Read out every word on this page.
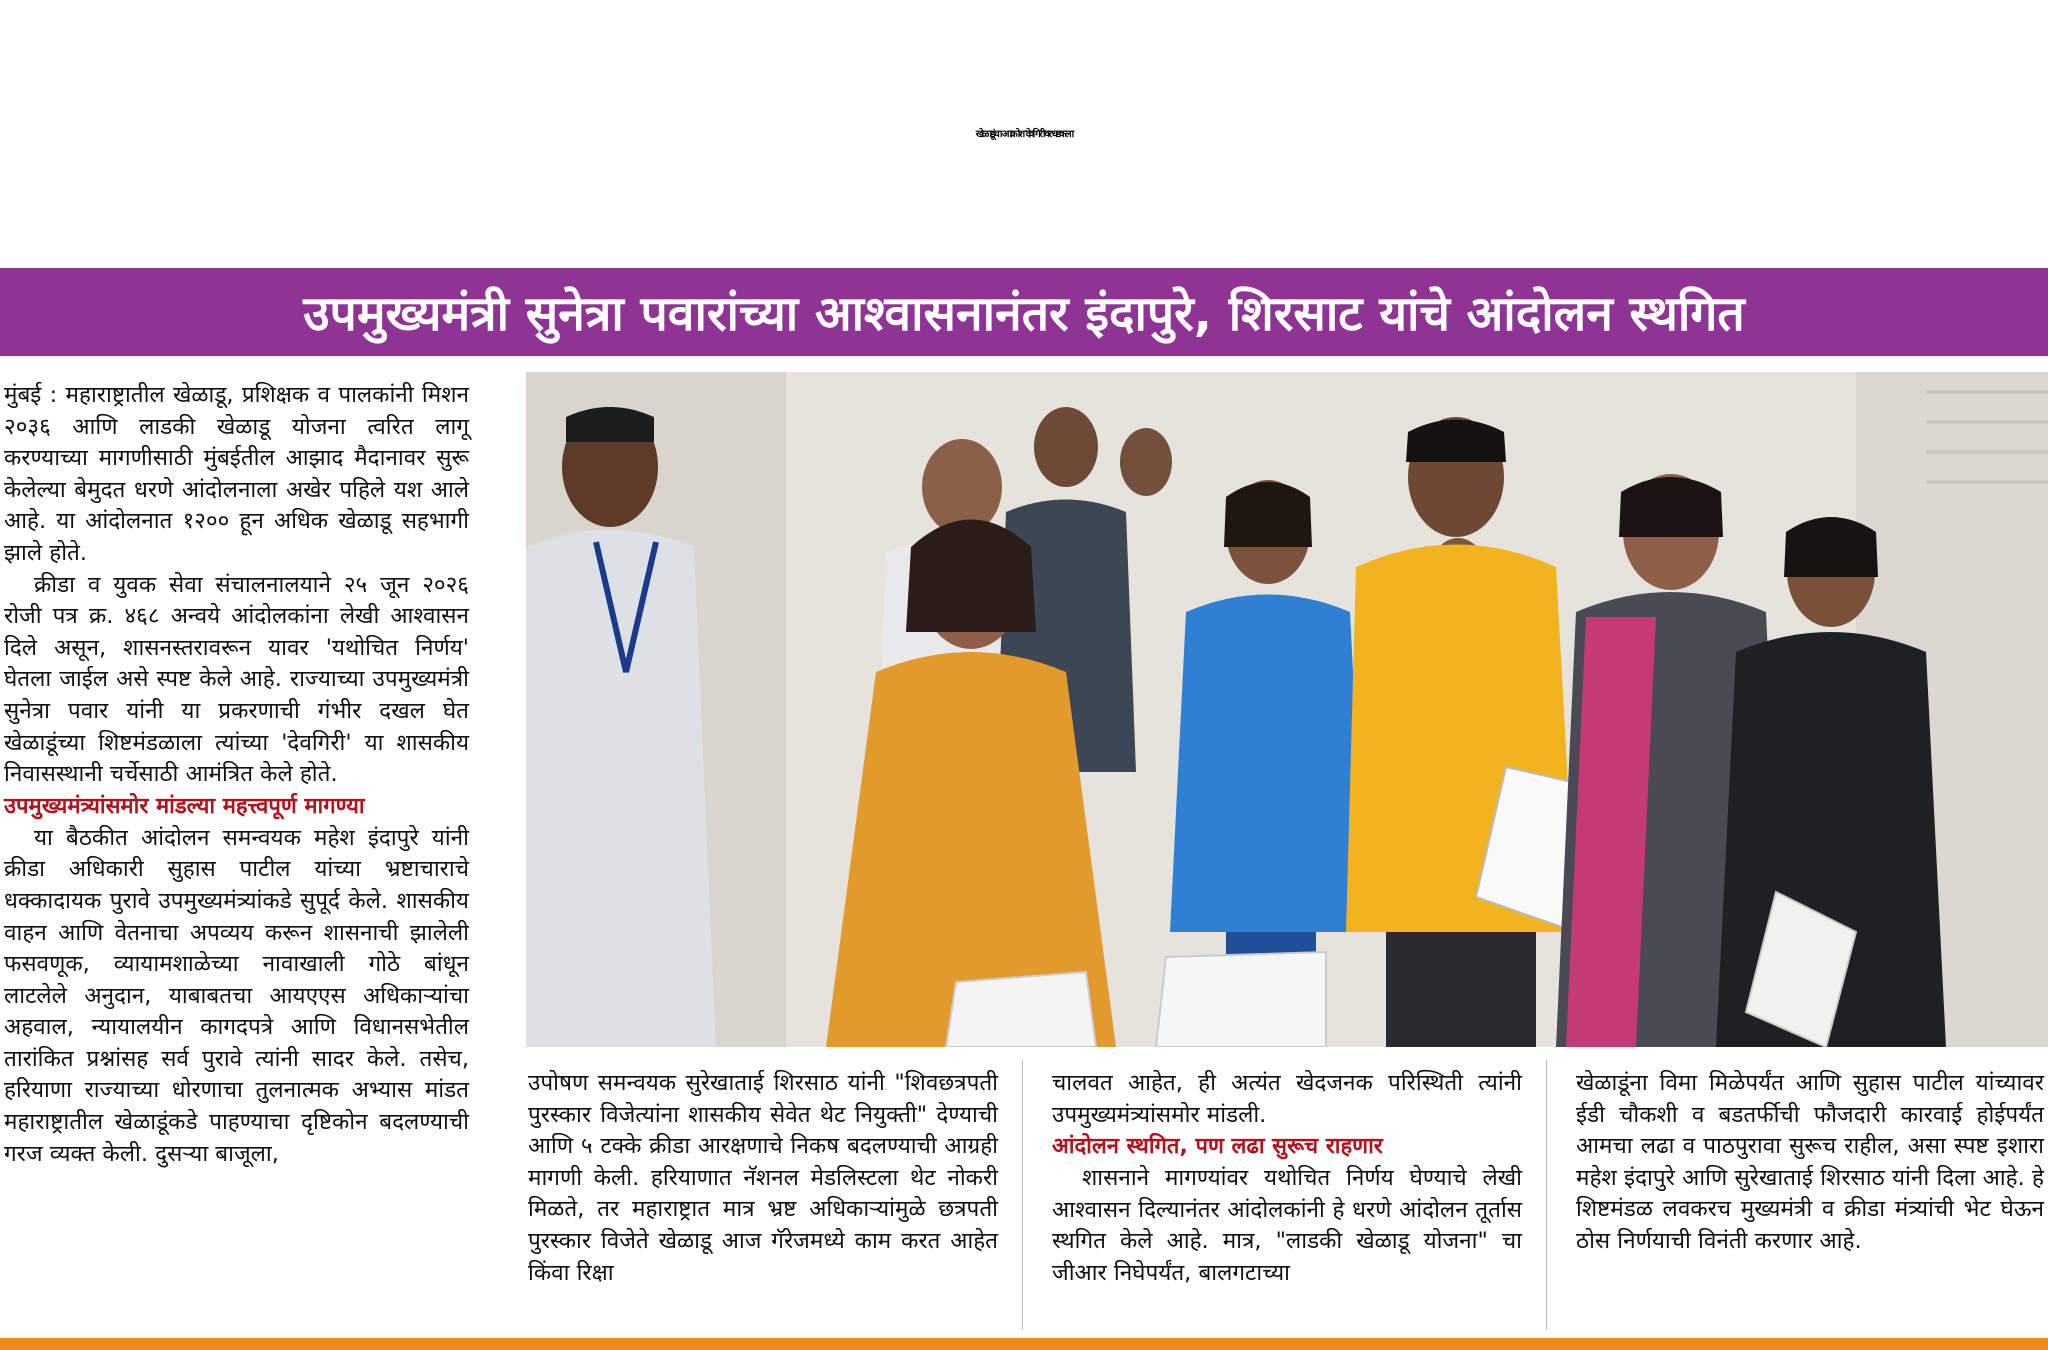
खेळाडूंचा आक्रोश 'देवगिरी'वर धडकला
उपमुख्यमंत्री सुनेत्रा पवारांच्या आश्वासनानंतर इंदापुरे, शिरसाट यांचे आंदोलन स्थगित

मुंबई : महाराष्ट्रातील खेळाडू, प्रशिक्षक व पालकांनी मिशन २०३६ आणि लाडकी खेळाडू योजना त्वरित लागू करण्याच्या मागणीसाठी मुंबईतील आझाद मैदानावर सुरू केलेल्या बेमुदत धरणे आंदोलनाला अखेर पहिले यश आले आहे. या आंदोलनात १२०० हून अधिक खेळाडू सहभागी झाले होते.

क्रीडा व युवक सेवा संचालनालयाने २५ जून २०२६ रोजी पत्र क्र. ४६८ अन्वये आंदोलकांना लेखी आश्वासन दिले असून, शासनस्तरावरून यावर 'यथोचित निर्णय' घेतला जाईल असे स्पष्ट केले आहे. राज्याच्या उपमुख्यमंत्री सुनेत्रा पवार यांनी या प्रकरणाची गंभीर दखल घेत खेळाडूंच्या शिष्टमंडळाला त्यांच्या 'देवगिरी' या शासकीय निवासस्थानी चर्चेसाठी आमंत्रित केले होते.

उपमुख्यमंत्र्यांसमोर मांडल्या महत्त्वपूर्ण मागण्या

या बैठकीत आंदोलन समन्वयक महेश इंदापुरे यांनी क्रीडा अधिकारी सुहास पाटील यांच्या भ्रष्टाचाराचे धक्कादायक पुरावे उपमुख्यमंत्र्यांकडे सुपूर्द केले. शासकीय वाहन आणि वेतनाचा अपव्यय करून शासनाची झालेली फसवणूक, व्यायामशाळेच्या नावाखाली गोठे बांधून लाटलेले अनुदान, याबाबतचा आयएएस अधिकाऱ्यांचा अहवाल, न्यायालयीन कागदपत्रे आणि विधानसभेतील तारांकित प्रश्नांसह सर्व पुरावे त्यांनी सादर केले. तसेच, हरियाणा राज्याच्या धोरणाचा तुलनात्मक अभ्यास मांडत महाराष्ट्रातील खेळाडूंकडे पाहण्याचा दृष्टिकोन बदलण्याची गरज व्यक्त केली. दुसऱ्या बाजूला,

उपोषण समन्वयक सुरेखाताई शिरसाठ यांनी "शिवछत्रपती पुरस्कार विजेत्यांना शासकीय सेवेत थेट नियुक्ती" देण्याची आणि ५ टक्के क्रीडा आरक्षणाचे निकष बदलण्याची आग्रही मागणी केली. हरियाणात नॅशनल मेडलिस्टला थेट नोकरी मिळते, तर महाराष्ट्रात मात्र भ्रष्ट अधिकाऱ्यांमुळे छत्रपती पुरस्कार विजेते खेळाडू आज गॅरेजमध्ये काम करत आहेत किंवा रिक्षा

चालवत आहेत, ही अत्यंत खेदजनक परिस्थिती त्यांनी उपमुख्यमंत्र्यांसमोर मांडली.

आंदोलन स्थगित, पण लढा सुरूच राहणार

शासनाने मागण्यांवर यथोचित निर्णय घेण्याचे लेखी आश्वासन दिल्यानंतर आंदोलकांनी हे धरणे आंदोलन तूर्तास स्थगित केले आहे. मात्र, "लाडकी खेळाडू योजना" चा जीआर निघेपर्यंत, बालगटाच्या

खेळाडूंना विमा मिळेपर्यंत आणि सुहास पाटील यांच्यावर ईडी चौकशी व बडतर्फीची फौजदारी कारवाई होईपर्यंत आमचा लढा व पाठपुरावा सुरूच राहील, असा स्पष्ट इशारा महेश इंदापुरे आणि सुरेखाताई शिरसाठ यांनी दिला आहे. हे शिष्टमंडळ लवकरच मुख्यमंत्री व क्रीडा मंत्र्यांची भेट घेऊन ठोस निर्णयाची विनंती करणार आहे.
